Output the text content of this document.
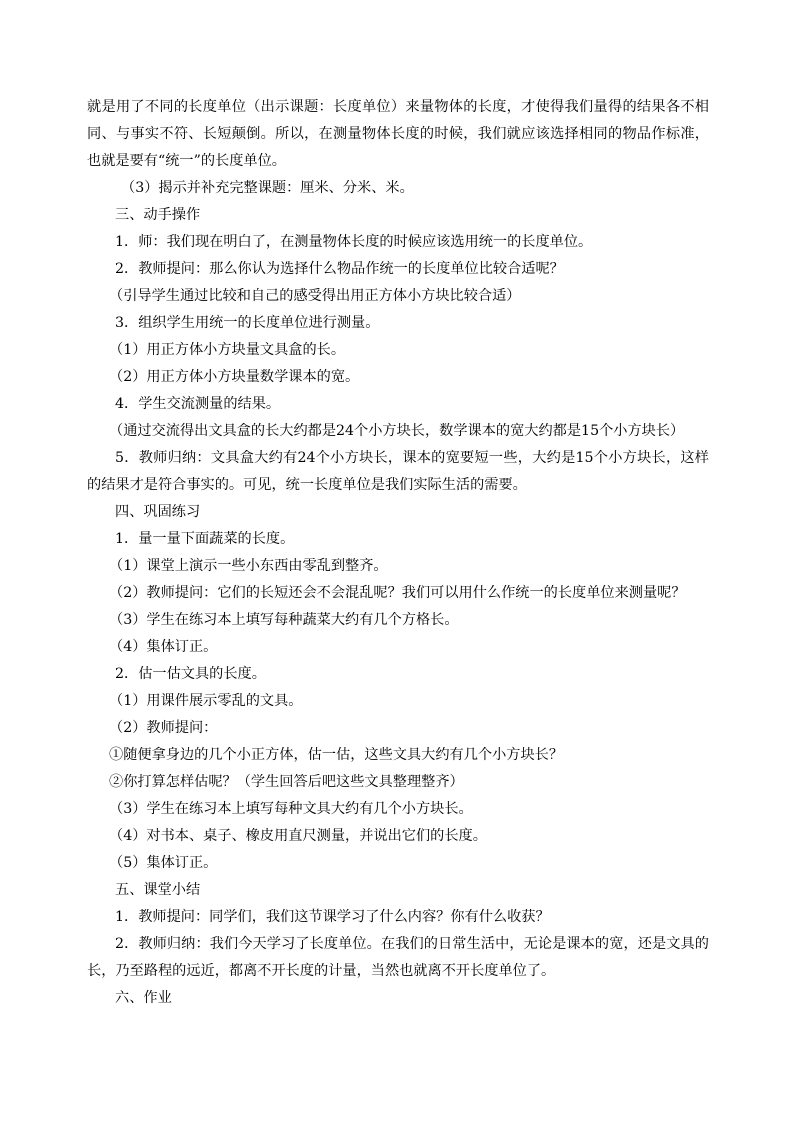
就是用了不同的长度单位（出示课题：长度单位）来量物体的长度，才使得我们量得的结果各不相同、与事实不符、长短颠倒。所以，在测量物体长度的时候，我们就应该选择相同的物品作标准，也就是要有“统一”的长度单位。

（3）揭示并补充完整课题：厘米、分米、米。

三、动手操作

1．师：我们现在明白了，在测量物体长度的时候应该选用统一的长度单位。

2．教师提问：那么你认为选择什么物品作统一的长度单位比较合适呢？

（引导学生通过比较和自己的感受得出用正方体小方块比较合适）

3．组织学生用统一的长度单位进行测量。

（1）用正方体小方块量文具盒的长。

（2）用正方体小方块量数学课本的宽。

4．学生交流测量的结果。

（通过交流得出文具盒的长大约都是24个小方块长，数学课本的宽大约都是15个小方块长）

5．教师归纳：文具盒大约有24个小方块长，课本的宽要短一些，大约是15个小方块长，这样的结果才是符合事实的。可见，统一长度单位是我们实际生活的需要。

四、巩固练习

1．量一量下面蔬菜的长度。

（1）课堂上演示一些小东西由零乱到整齐。

（2）教师提问：它们的长短还会不会混乱呢？我们可以用什么作统一的长度单位来测量呢？

（3）学生在练习本上填写每种蔬菜大约有几个方格长。

（4）集体订正。

2．估一估文具的长度。

（1）用课件展示零乱的文具。

（2）教师提问：

①随便拿身边的几个小正方体，估一估，这些文具大约有几个小方块长？

②你打算怎样估呢？（学生回答后吧这些文具整理整齐）

（3）学生在练习本上填写每种文具大约有几个小方块长。

（4）对书本、桌子、橡皮用直尺测量，并说出它们的长度。

（5）集体订正。

五、课堂小结

1．教师提问：同学们，我们这节课学习了什么内容？你有什么收获？

2．教师归纳：我们今天学习了长度单位。在我们的日常生活中，无论是课本的宽，还是文具的长，乃至路程的远近，都离不开长度的计量，当然也就离不开长度单位了。

六、作业
